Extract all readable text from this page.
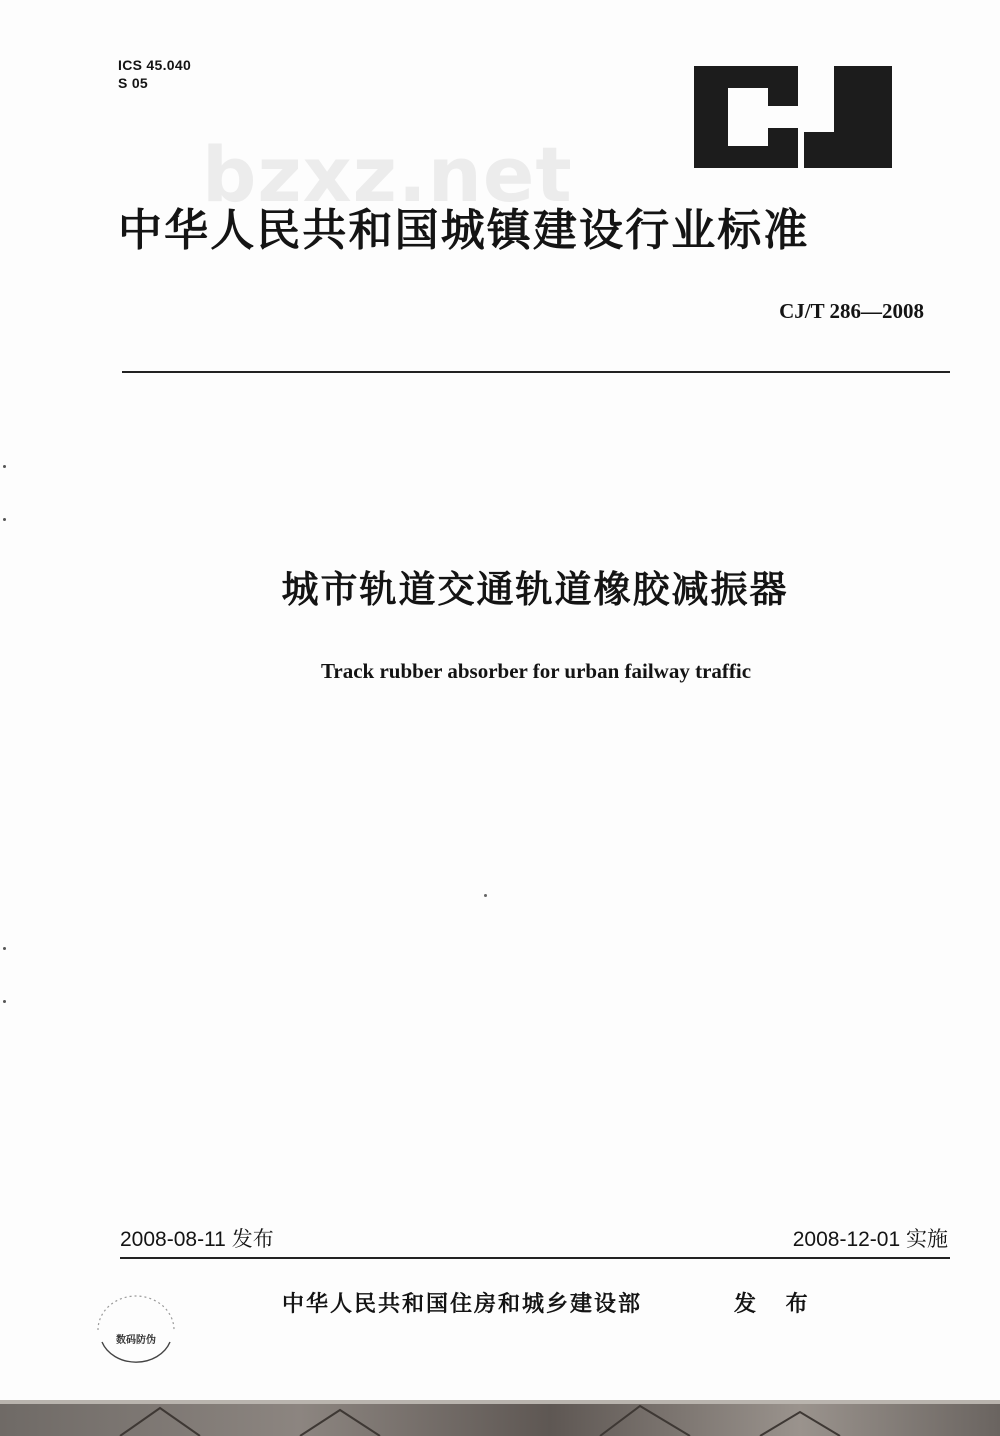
ICS 45.040
S 05
bzxz.net
中华人民共和国城镇建设行业标准
CJ/T 286—2008
城市轨道交通轨道橡胶减振器
Track rubber absorber for urban failway traffic
2008-08-11 发布	2008-12-01 实施
数码防伪
中华人民共和国住房和城乡建设部	发 布
